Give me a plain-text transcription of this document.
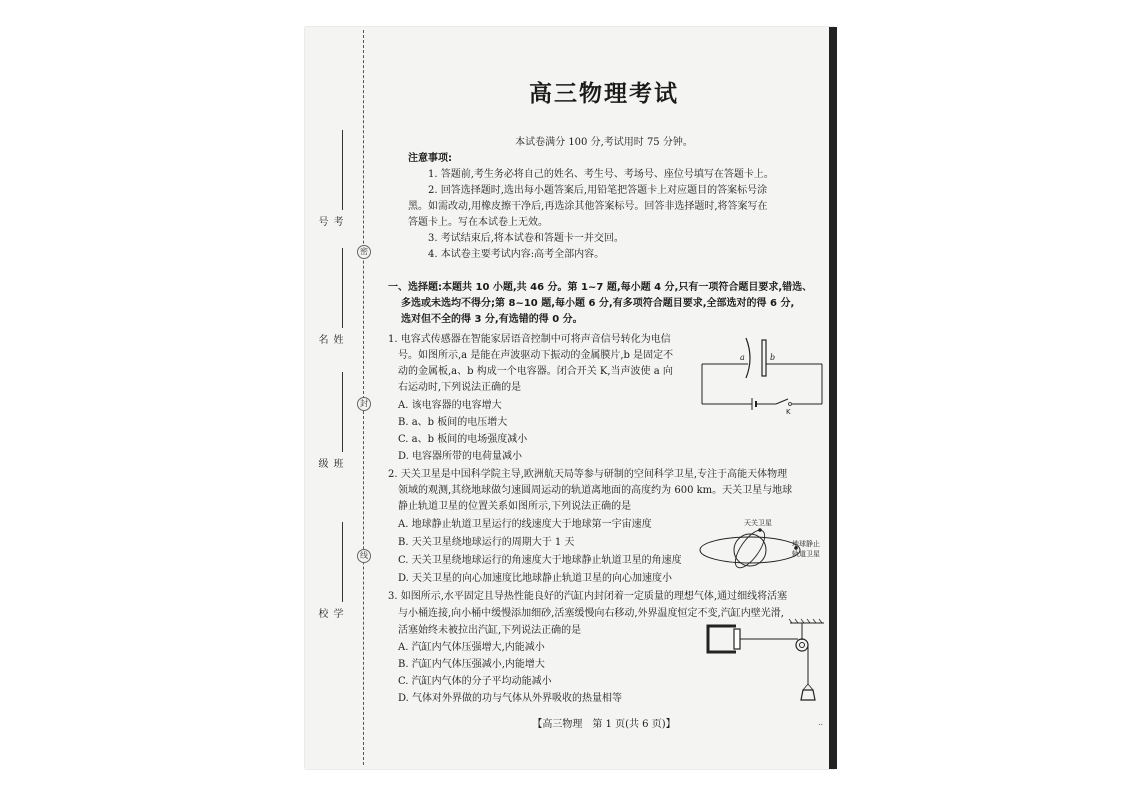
密
封
线
考号
姓名
班级
学校
高三物理考试
本试卷满分 100 分,考试用时 75 分钟。
注意事项:
1. 答题前,考生务必将自己的姓名、考生号、考场号、座位号填写在答题卡上。
2. 回答选择题时,选出每小题答案后,用铅笔把答题卡上对应题目的答案标号涂
黑。如需改动,用橡皮擦干净后,再选涂其他答案标号。回答非选择题时,将答案写在
答题卡上。写在本试卷上无效。
3. 考试结束后,将本试卷和答题卡一并交回。
4. 本试卷主要考试内容:高考全部内容。
一、选择题:本题共 10 小题,共 46 分。第 1~7 题,每小题 4 分,只有一项符合题目要求,错选、
多选或未选均不得分;第 8~10 题,每小题 6 分,有多项符合题目要求,全部选对的得 6 分,
选对但不全的得 3 分,有选错的得 0 分。
1. 电容式传感器在智能家居语音控制中可将声音信号转化为电信
号。如图所示,a 是能在声波驱动下振动的金属膜片,b 是固定不
动的金属板,a、b 构成一个电容器。闭合开关 K,当声波使 a 向
右运动时,下列说法正确的是
A. 该电容器的电容增大
B. a、b 板间的电压增大
C. a、b 板间的电场强度减小
D. 电容器所带的电荷量减小
a	b
K
2. 天关卫星是中国科学院主导,欧洲航天局等参与研制的空间科学卫星,专注于高能天体物理
领域的观测,其绕地球做匀速圆周运动的轨道离地面的高度约为 600 km。天关卫星与地球
静止轨道卫星的位置关系如图所示,下列说法正确的是
A. 地球静止轨道卫星运行的线速度大于地球第一宇宙速度
B. 天关卫星绕地球运行的周期大于 1 天
C. 天关卫星绕地球运行的角速度大于地球静止轨道卫星的角速度
D. 天关卫星的向心加速度比地球静止轨道卫星的向心加速度小
天关卫星
地球静止
轨道卫星
3. 如图所示,水平固定且导热性能良好的汽缸内封闭着一定质量的理想气体,通过细线将活塞
与小桶连接,向小桶中缓慢添加细砂,活塞缓慢向右移动,外界温度恒定不变,汽缸内壁光滑,
活塞始终未被拉出汽缸,下列说法正确的是
A. 汽缸内气体压强增大,内能减小
B. 汽缸内气体压强减小,内能增大
C. 汽缸内气体的分子平均动能减小
D. 气体对外界做的功与气体从外界吸收的热量相等
【高三物理　第 1 页(共 6 页)】	..
